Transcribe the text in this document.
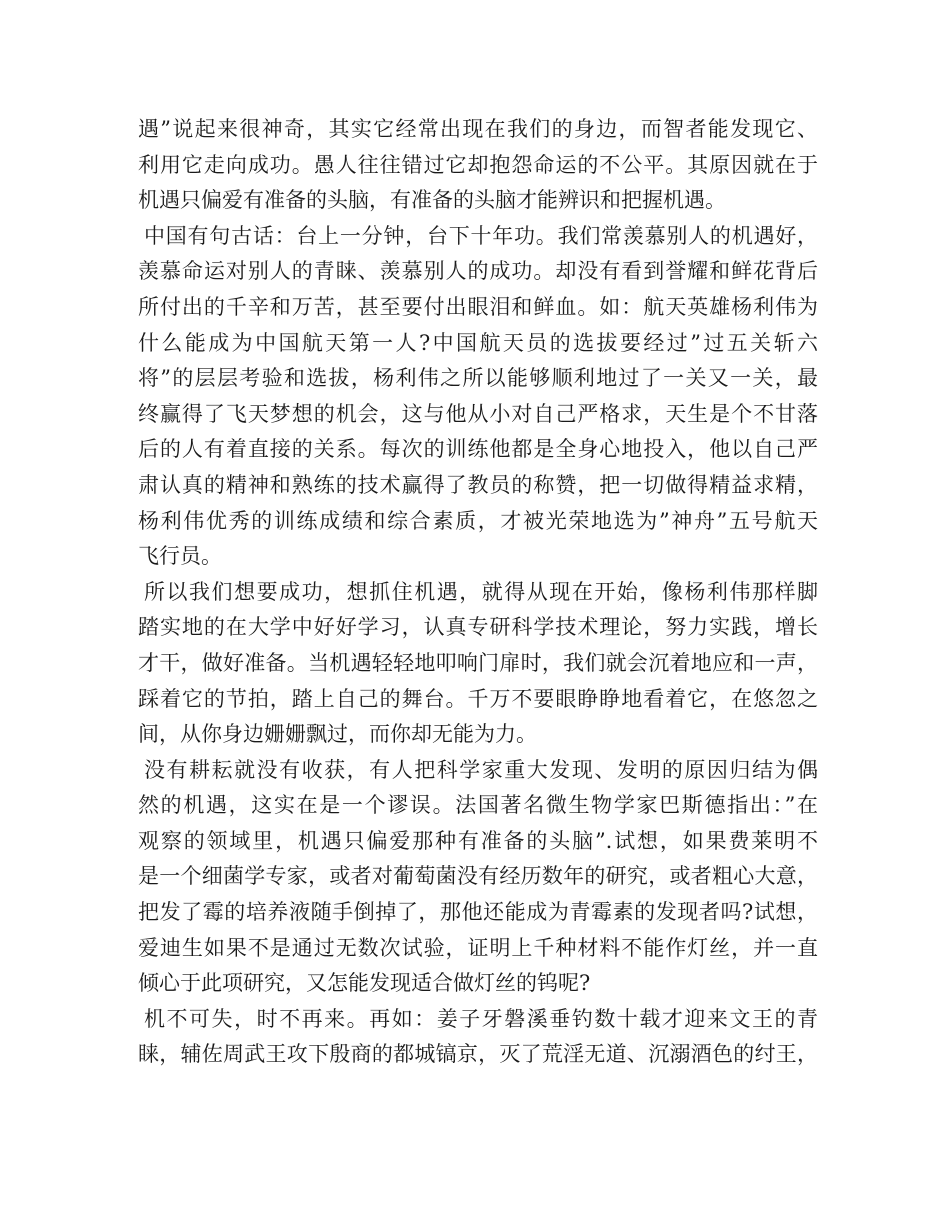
遇”说起来很神奇，其实它经常出现在我们的身边，而智者能发现它、
利用它走向成功。愚人往往错过它却抱怨命运的不公平。其原因就在于
机遇只偏爱有准备的头脑，有准备的头脑才能辨识和把握机遇。
中国有句古话：台上一分钟，台下十年功。我们常羡慕别人的机遇好，
羡慕命运对别人的青睐、羡慕别人的成功。却没有看到誉耀和鲜花背后
所付出的千辛和万苦，甚至要付出眼泪和鲜血。如：航天英雄杨利伟为
什么能成为中国航天第一人?中国航天员的选拔要经过”过五关斩六
将”的层层考验和选拔，杨利伟之所以能够顺利地过了一关又一关，最
终赢得了飞天梦想的机会，这与他从小对自己严格求，天生是个不甘落
后的人有着直接的关系。每次的训练他都是全身心地投入，他以自己严
肃认真的精神和熟练的技术赢得了教员的称赞，把一切做得精益求精，
杨利伟优秀的训练成绩和综合素质，才被光荣地选为”神舟”五号航天
飞行员。
所以我们想要成功，想抓住机遇，就得从现在开始，像杨利伟那样脚
踏实地的在大学中好好学习，认真专研科学技术理论，努力实践，增长
才干，做好准备。当机遇轻轻地叩响门扉时，我们就会沉着地应和一声，
踩着它的节拍，踏上自己的舞台。千万不要眼睁睁地看着它，在悠忽之
间，从你身边姗姗飘过，而你却无能为力。
没有耕耘就没有收获，有人把科学家重大发现、发明的原因归结为偶
然的机遇，这实在是一个谬误。法国著名微生物学家巴斯德指出：”在
观察的领域里，机遇只偏爱那种有准备的头脑”.试想，如果费莱明不
是一个细菌学专家，或者对葡萄菌没有经历数年的研究，或者粗心大意，
把发了霉的培养液随手倒掉了，那他还能成为青霉素的发现者吗?试想，
爱迪生如果不是通过无数次试验，证明上千种材料不能作灯丝，并一直
倾心于此项研究，又怎能发现适合做灯丝的钨呢?
机不可失，时不再来。再如：姜子牙磐溪垂钓数十载才迎来文王的青
睐，辅佐周武王攻下殷商的都城镐京，灭了荒淫无道、沉溺酒色的纣王，
